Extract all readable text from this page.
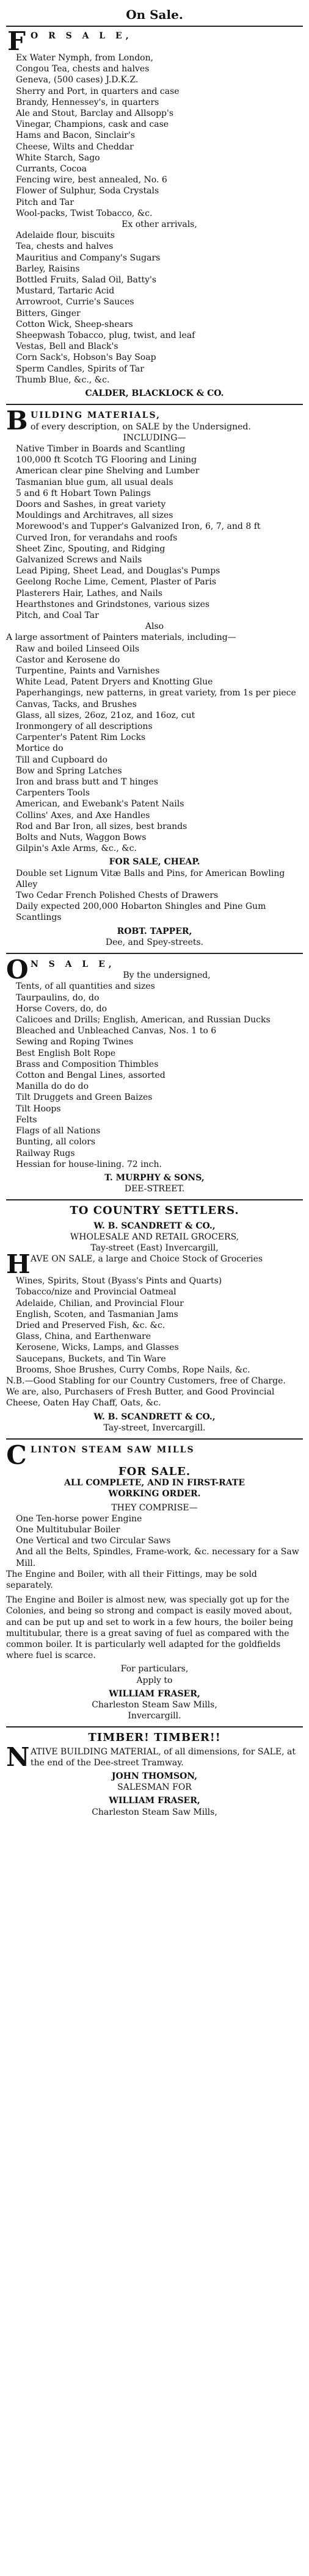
On Sale.
F O R S A L E,
Ex Water Nymph, from London,
Congou Tea, chests and halves
Geneva, (500 cases) J.D.K.Z.
Sherry and Port, in quarters and case
Brandy, Hennessey's, in quarters
Ale and Stout, Barclay and Allsopp's
Vinegar, Champions, cask and case
Hams and Bacon, Sinclair's
Cheese, Wilts and Cheddar
White Starch, Sago
Currants, Cocoa
Fencing wire, best annealed, No. 6
Flower of Sulphur, Soda Crystals
Pitch and Tar
Wool-packs, Twist Tobacco, &c.
Ex other arrivals,
Adelaide flour, biscuits
Tea, chests and halves
Mauritius and Company's Sugars
Barley, Raisins
Bottled Fruits, Salad Oil, Batty's
Mustard, Tartaric Acid
Arrowroot, Currie's Sauces
Bitters, Ginger
Cotton Wick, Sheep-shears
Sheepwash Tobacco, plug, twist, and leaf
Vestas, Bell and Black's
Corn Sack's, Hobson's Bay Soap
Sperm Candles, Spirits of Tar
Thumb Blue, &c., &c.
CALDER, BLACKLOCK & CO.
B UILDING MATERIALS,
of every description, on SALE by the Undersigned.
INCLUDING—
Native Timber in Boards and Scantling
100,000 ft Scotch TG Flooring and Lining
American clear pine Shelving and Lumber
Tasmanian blue gum, all usual deals
5 and 6 ft Hobart Town Palings
Doors and Sashes, in great variety
Mouldings and Architraves, all sizes
Morewood's and Tupper's Galvanized Iron, 6, 7, and 8 ft
Curved Iron, for verandahs and roofs
Sheet Zinc, Spouting, and Ridging
Galvanized Screws and Nails
Lead Piping, Sheet Lead, and Douglas's Pumps
Geelong Roche Lime, Cement, Plaster of Paris
Plasterers Hair, Lathes, and Nails
Hearthstones and Grindstones, various sizes
Pitch, and Coal Tar
Also
A large assortment of Painters materials, including—
Raw and boiled Linseed Oils
Castor and Kerosene do
Turpentine, Paints and Varnishes
White Lead, Patent Dryers and Knotting Glue
Paperhangings, new patterns, in great variety, from 1s per piece
Canvas, Tacks, and Brushes
Glass, all sizes, 26oz, 21oz, and 16oz, cut
Ironmongery of all descriptions
Carpenter's Patent Rim Locks
Mortice do
Till and Cupboard do
Bow and Spring Latches
Iron and brass butt and T hinges
Carpenters Tools
American, and Ewebank's Patent Nails
Collins' Axes, and Axe Handles
Rod and Bar Iron, all sizes, best brands
Bolts and Nuts, Waggon Bows
Gilpin's Axle Arms, &c., &c.
FOR SALE, CHEAP.
Double set Lignum Vitæ Balls and Pins, for American Bowling Alley
Two Cedar French Polished Chests of Drawers
Daily expected 200,000 Hobarton Shingles and Pine Gum Scantlings
ROBT. TAPPER,
Dee, and Spey-streets.
O N S A L E,
By the undersigned,
Tents, of all quantities and sizes
Taurpaulins, do, do
Horse Covers, do, do
Calicoes and Drills; English, American, and Russian Ducks
Bleached and Unbleached Canvas, Nos. 1 to 6
Sewing and Roping Twines
Best English Bolt Rope
Brass and Composition Thimbles
Cotton and Bengal Lines, assorted
Manilla do do do
Tilt Druggets and Green Baizes
Tilt Hoops
Felts
Flags of all Nations
Bunting, all colors
Railway Rugs
Hessian for house-lining. 72 inch.
T. MURPHY & SONS,
DEE-STREET.
TO COUNTRY SETTLERS.
W. B. SCANDRETT & CO.,
WHOLESALE AND RETAIL GROCERS,
Tay-street (East) Invercargill,
H AVE ON SALE, a large and Choice Stock of Groceries
Wines, Spirits, Stout (Byass's Pints and Quarts)
Tobacco/nize and Provincial Oatmeal
Adelaide, Chilian, and Provincial Flour
English, Scoten, and Tasmanian Jams
Dried and Preserved Fish, &c. &c.
Glass, China, and Earthenware
Kerosene, Wicks, Lamps, and Glasses
Saucepans, Buckets, and Tin Ware
Brooms, Shoe Brushes, Curry Combs, Rope Nails, &c.
N.B.—Good Stabling for our Country Customers, free of Charge.
We are, also, Purchasers of Fresh Butter, and Good Provincial Cheese, Oaten Hay Chaff, Oats, &c.
W. B. SCANDRETT & CO.,
Tay-street, Invercargill.
C LINTON STEAM SAW MILLS
FOR SALE.
ALL COMPLETE, AND IN FIRST-RATE
WORKING ORDER.
THEY COMPRISE—
One Ten-horse power Engine
One Multitubular Boiler
One Vertical and two Circular Saws
And all the Belts, Spindles, Frame-work, &c. necessary for a Saw Mill.
The Engine and Boiler, with all their Fittings, may be sold separately.
The Engine and Boiler is almost new, was specially got up for the Colonies, and being so strong and compact is easily moved about, and can be put up and set to work in a few hours, the boiler being multitubular, there is a great saving of fuel as compared with the common boiler. It is particularly well adapted for the goldfields where fuel is scarce.
For particulars,
Apply to
WILLIAM FRASER,
Charleston Steam Saw Mills,
Invercargill.
TIMBER! TIMBER!!
N ATIVE BUILDING MATERIAL, of all dimensions, for SALE, at the end of the Dee-street Tramway.
JOHN THOMSON,
SALESMAN FOR
WILLIAM FRASER,
Charleston Steam Saw Mills,
